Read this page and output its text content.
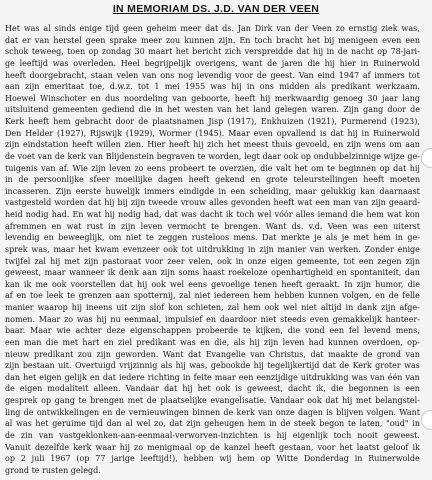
IN MEMORIAM DS. J.D. VAN DER VEEN
Het was al sinds enige tijd geen geheim meer dat ds. Jan Dirk van der Veen zo ernstig ziek was,
dat er van herstel geen sprake meer zou kunnen zijn. En toch bracht het bij menigeen even een
schok teweeg, toen op zondag 30 maart het bericht zich verspreidde dat hij in de nacht op 78-jari-
ge leeftijd was overleden. Heel begrijpelijk overigens, want de jaren die hij hier in Ruinerwold
heeft doorgebracht, staan velen van ons nog levendig voor de geest. Van eind 1947 af immers tot
aan zijn emeritaat toe, d.w.z. tot 1 mei 1955 was hij in ons midden als predikant werkzaam.
Hoewel Winschoter en dus noordeling van geboorte, heeft hij merkwaardig genoeg 30 jaar lang
uitsluitend gemeenten gediend die in het westen van het land gelegen waren. Zijn gang door de
Kerk heeft hem gebracht door de plaatsnamen Jisp (1917), Enkhuizen (1921), Purmerend (1923),
Den Helder (1927), Rijswijk (1929), Wormer (1945). Maar even opvallend is dat hij in Ruinerwold
zijn eindstation heeft willen zien. Hier heeft hij zich het meest thuis gevoeld, en zijn wens om aan
de voet van de kerk van Blijdenstein begraven te worden, legt daar ook op ondubbelzinnige wijze ge-
tuigenis van af. Wie zijn leven zo eens probeert te overzien, die valt het om te beginnen op dat hij
in de persoonlijke sfeer moeilijke dagen heeft gekend en grote teleurstellingen heeft moeten
incasseren. Zijn eerste huwelijk immers eindigde in een scheiding, maar gelukkig kan daarnaast
vastgesteld worden dat hij bij zijn tweede vrouw alles gevonden heeft wat een man van zijn geaard-
heid nodig had. En wat hij nodig had, dat was dacht ik toch wel vóór alles iemand die hem wat kon
afremmen en wat rust in zijn leven vermocht te brengen. Want ds. v.d. Veen was een uiterst
levendig en beweeglijk, om niet te zeggen rusteloos mens. Dat merkte je als je met hem in ge-
sprek was, maar het kwam evenzeer ook tot uitdrukking in zijn manier van werken. Zonder enige
twijfel zal hij met zijn pastoraat voor zeer velen, ook in onze eigen gemeente, tot een zegen zijn
geweest, maar wanneer ik denk aan zijn soms haast roekeloze openhartigheid en spontaniteit, dan
kan ik me ook voorstellen dat hij ook wel eens gevoelige tenen heeft geraakt. In zijn humor, die
af en toe leek te grenzen aan spotternij, zal niet iedereen hem hebben kunnen volgen, en de felle
manier waarop hij ineens uit zijn slof kon schieten, zal hem ook wel niet altijd in dank zijn afge-
nomen. Maar zo was hij nu eenmaal, impulsief en daardoor niet steeds even gemakkelijk hanteer-
baar. Maar wie achter deze eigenschappen probeerde te kijken, die vond een fel levend mens,
een man die met hart en ziel predikant was en die, als hij zijn leven had kunnen overdoen, op-
nieuw predikant zou zijn geworden. Want dat Evangelie van Christus, dat maakte de grond van
zijn bestaan uit. Overtuigd vrijzinnig als hij was, gebookde hij tegelijkertijd dat de Kerk groter was
dan het eigen gelijk en dat iedere richting in feite maar een eenzijdige uitdrukking was van één van
de eigen modaliteit alleen. Vandaar dat hij het ook is geweest, dacht ik, die begonnen is een
gesprek op gang te brengen met de plaatselijke evangelisatie. Vandaar ook dat hij met belangstel-
ling de ontwikkelingen en de vernieuwingen binnen de kerk van onze dagen is blijven volgen. Want
al was het geruime tijd dan al wel zo, dat zijn geheugen hem in de steek begon te laten, "oud" in
de zin van vastgeklonken-aan-eenmaal-verworven-inzichten is hij eigenlijk toch nooit geweest.
Vanuit dezelfde kerk waar hij zo menigmaal op de kanzel heeft gestaan, voor het laatst geloof ik
op 2 juli 1967 (op 77 jarige leeftijd!), hebben wij hem op Witte Donderdag in Ruinerwolde
grond te rusten gelegd.
